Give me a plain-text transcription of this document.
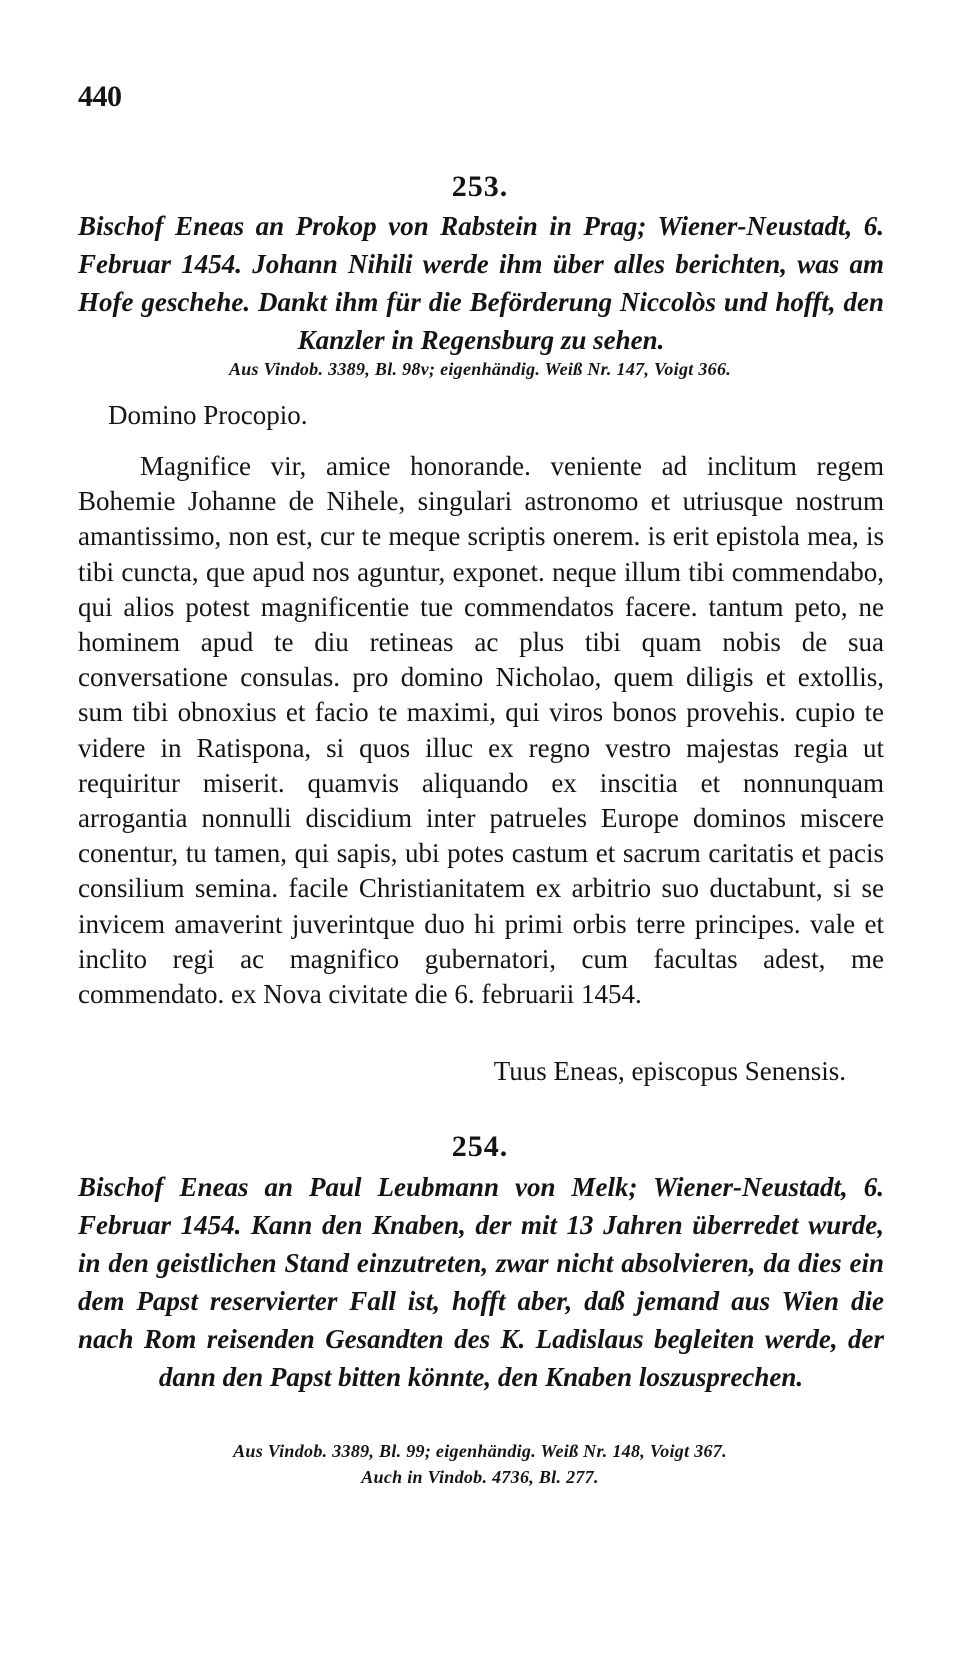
440
253.
Bischof Eneas an Prokop von Rabstein in Prag; Wiener-Neustadt, 6. Februar 1454. Johann Nihili werde ihm über alles berichten, was am Hofe geschehe. Dankt ihm für die Beförderung Niccolòs und hofft, den Kanzler in Regensburg zu sehen.
Aus Vindob. 3389, Bl. 98v; eigenhändig. Weiß Nr. 147, Voigt 366.
Domino Procopio.
Magnifice vir, amice honorande. veniente ad inclitum regem Bohemie Johanne de Nihele, singulari astronomo et utriusque nostrum amantissimo, non est, cur te meque scriptis onerem. is erit epistola mea, is tibi cuncta, que apud nos aguntur, exponet. neque illum tibi commendabo, qui alios potest magnificentie tue commendatos facere. tantum peto, ne hominem apud te diu retineas ac plus tibi quam nobis de sua conversatione consulas. pro domino Nicholao, quem diligis et extollis, sum tibi obnoxius et facio te maximi, qui viros bonos provehis. cupio te videre in Ratispona, si quos illuc ex regno vestro majestas regia ut requiritur miserit. quamvis aliquando ex inscitia et nonnunquam arrogantia nonnulli discidium inter patrueles Europe dominos miscere conentur, tu tamen, qui sapis, ubi potes castum et sacrum caritatis et pacis consilium semina. facile Christianitatem ex arbitrio suo ductabunt, si se invicem amaverint juverintque duo hi primi orbis terre principes. vale et inclito regi ac magnifico gubernatori, cum facultas adest, me commendato. ex Nova civitate die 6. februarii 1454.
Tuus Eneas, episcopus Senensis.
254.
Bischof Eneas an Paul Leubmann von Melk; Wiener-Neustadt, 6. Februar 1454. Kann den Knaben, der mit 13 Jahren überredet wurde, in den geistlichen Stand einzutreten, zwar nicht absolvieren, da dies ein dem Papst reservierter Fall ist, hofft aber, daß jemand aus Wien die nach Rom reisenden Gesandten des K. Ladislaus begleiten werde, der dann den Papst bitten könnte, den Knaben loszusprechen.
Aus Vindob. 3389, Bl. 99; eigenhändig. Weiß Nr. 148, Voigt 367.
Auch in Vindob. 4736, Bl. 277.
